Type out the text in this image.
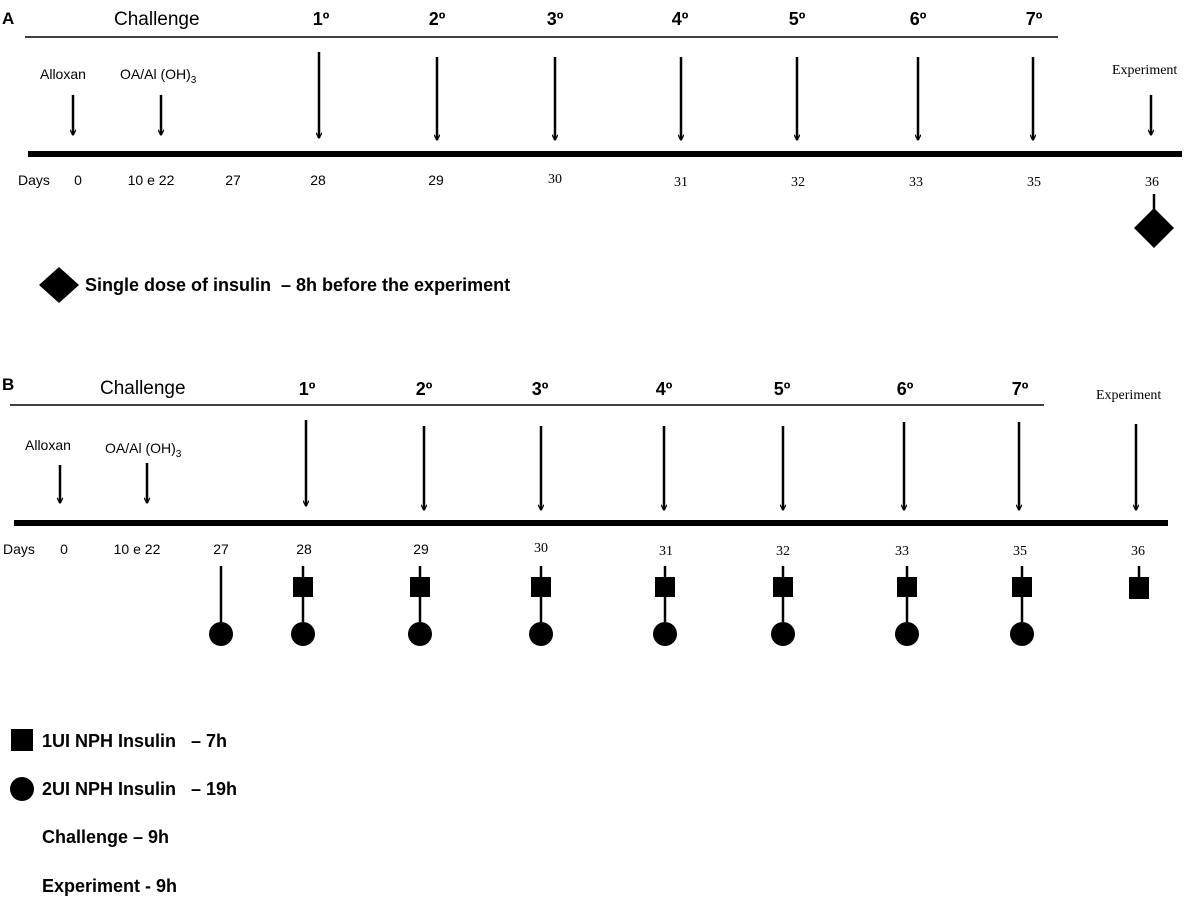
A	Challenge	1º	2º	3º	4º	5º	6º	7º
Alloxan OA/Al $(OH)_3$
Experiment
Days 0	10 e 22	27	28	29	30	31	32	33	35	36
Single dose of insulin  – 8h before the experiment
B	Challenge	1º	2º	3º	4º	5º	6º	7º
Alloxan OA/Al $(OH)_3$
Experiment
Days 0	10 e 22	27	28	29	30	31	32	33	35	36
1UI NPH Insulin   – 7h
2UI NPH Insulin   – 19h
Challenge – 9h
Experiment - 9h
